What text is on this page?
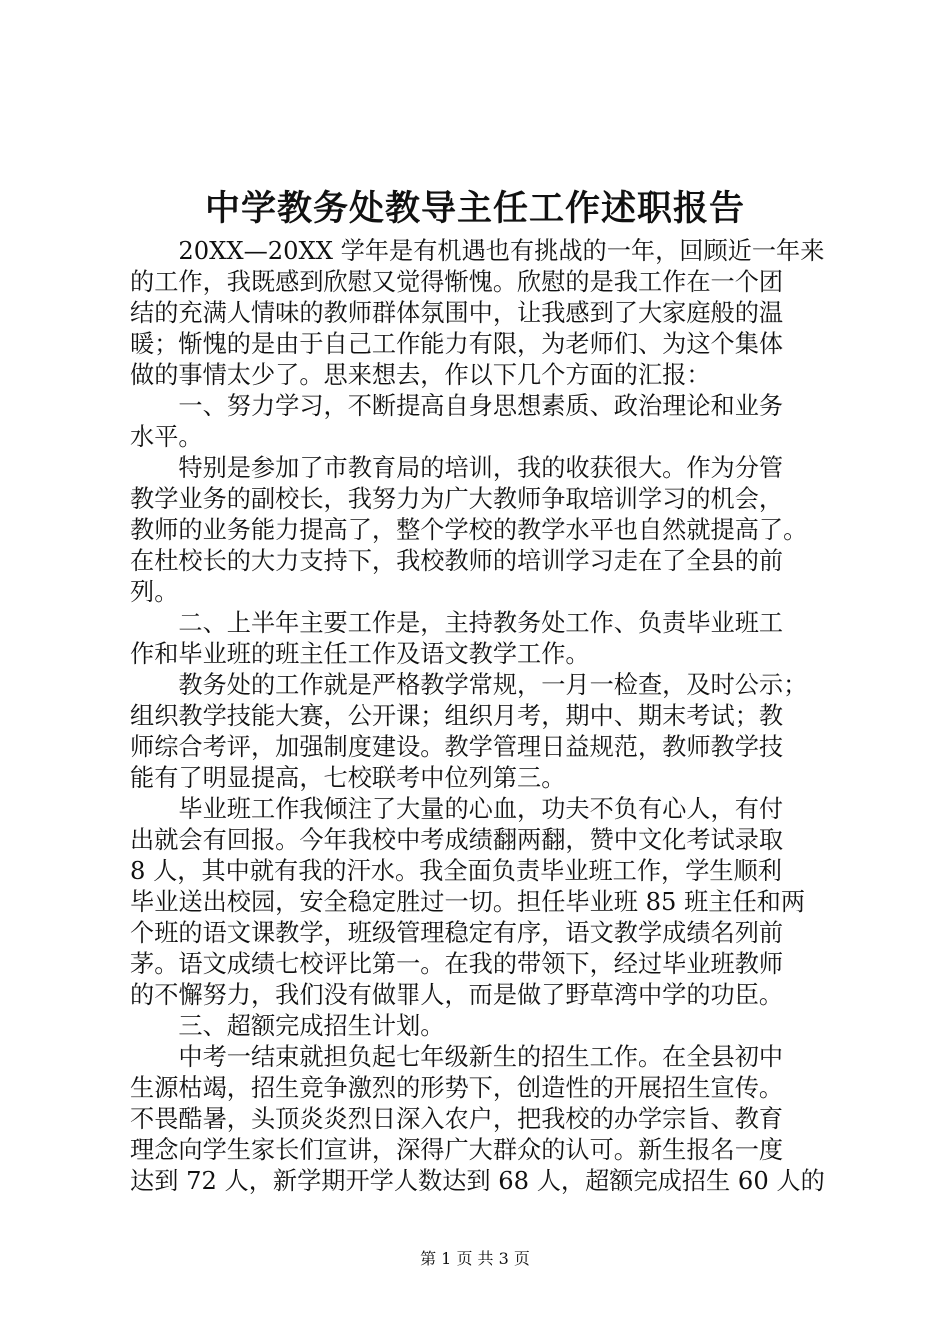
中学教务处教导主任工作述职报告
　　20XX—20XX 学年是有机遇也有挑战的一年，回顾近一年来
的工作，我既感到欣慰又觉得惭愧。欣慰的是我工作在一个团
结的充满人情味的教师群体氛围中，让我感到了大家庭般的温
暖；惭愧的是由于自己工作能力有限，为老师们、为这个集体
做的事情太少了。思来想去，作以下几个方面的汇报：
　　一、努力学习，不断提高自身思想素质、政治理论和业务
水平。
　　特别是参加了市教育局的培训，我的收获很大。作为分管
教学业务的副校长，我努力为广大教师争取培训学习的机会，
教师的业务能力提高了，整个学校的教学水平也自然就提高了。
在杜校长的大力支持下，我校教师的培训学习走在了全县的前
列。
　　二、上半年主要工作是，主持教务处工作、负责毕业班工
作和毕业班的班主任工作及语文教学工作。
　　教务处的工作就是严格教学常规，一月一检查，及时公示；
组织教学技能大赛，公开课；组织月考，期中、期末考试；教
师综合考评，加强制度建设。教学管理日益规范，教师教学技
能有了明显提高，七校联考中位列第三。
　　毕业班工作我倾注了大量的心血，功夫不负有心人，有付
出就会有回报。今年我校中考成绩翻两翻，赞中文化考试录取
8 人，其中就有我的汗水。我全面负责毕业班工作，学生顺利
毕业送出校园，安全稳定胜过一切。担任毕业班 85 班主任和两
个班的语文课教学，班级管理稳定有序，语文教学成绩名列前
茅。语文成绩七校评比第一。在我的带领下，经过毕业班教师
的不懈努力，我们没有做罪人，而是做了野草湾中学的功臣。
　　三、超额完成招生计划。
　　中考一结束就担负起七年级新生的招生工作。在全县初中
生源枯竭，招生竞争激烈的形势下，创造性的开展招生宣传。
不畏酷暑，头顶炎炎烈日深入农户，把我校的办学宗旨、教育
理念向学生家长们宣讲，深得广大群众的认可。新生报名一度
达到 72 人，新学期开学人数达到 68 人，超额完成招生 60 人的
第 1 页 共 3 页
